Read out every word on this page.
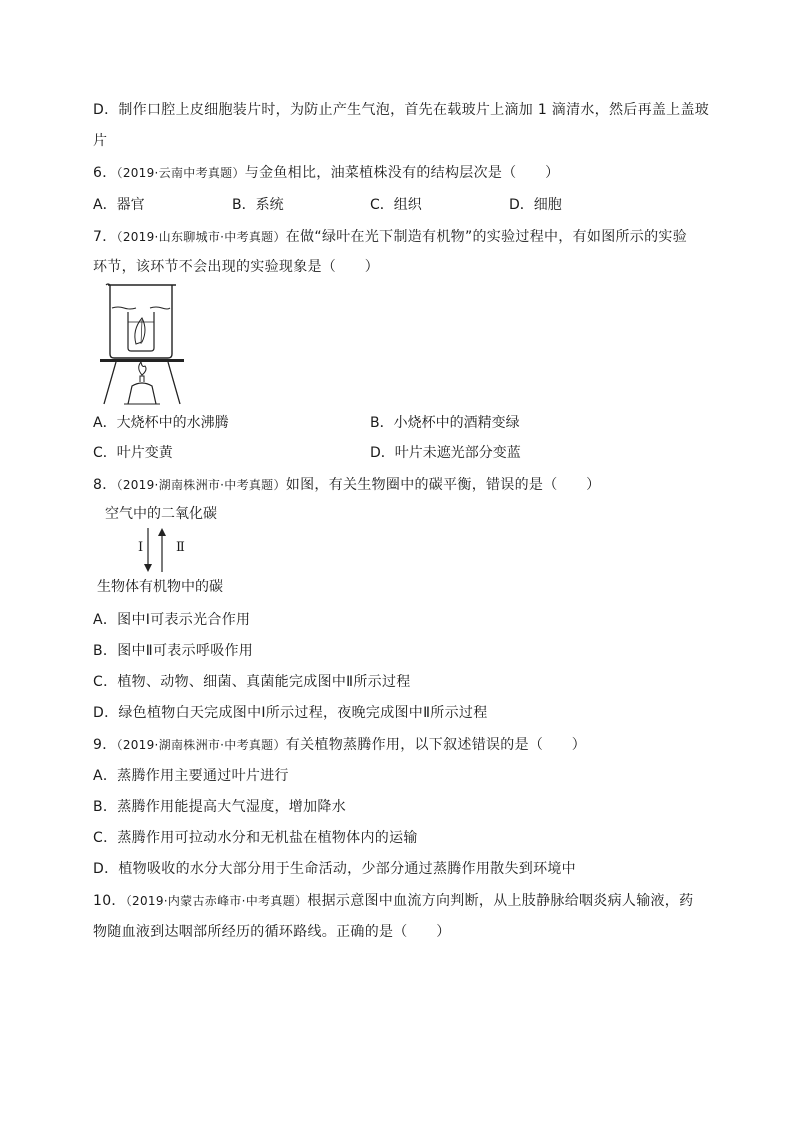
D．制作口腔上皮细胞装片时，为防止产生气泡，首先在载玻片上滴加 1 滴清水，然后再盖上盖玻
片
6．（2019·云南中考真题）与金鱼相比，油菜植株没有的结构层次是（　　）
A．器官	B．系统	C．组织	D．细胞
7．（2019·山东聊城市·中考真题）在做“绿叶在光下制造有机物”的实验过程中，有如图所示的实验
环节，该环节不会出现的实验现象是（　　）
A．大烧杯中的水沸腾	B．小烧杯中的酒精变绿
C．叶片变黄	D．叶片未遮光部分变蓝
8．（2019·湖南株洲市·中考真题）如图，有关生物圈中的碳平衡，错误的是（　　）
空气中的二氧化碳
Ⅰ	Ⅱ
生物体有机物中的碳
A．图中Ⅰ可表示光合作用
B．图中Ⅱ可表示呼吸作用
C．植物、动物、细菌、真菌能完成图中Ⅱ所示过程
D．绿色植物白天完成图中Ⅰ所示过程，夜晚完成图中Ⅱ所示过程
9．（2019·湖南株洲市·中考真题）有关植物蒸腾作用，以下叙述错误的是（　　）
A．蒸腾作用主要通过叶片进行
B．蒸腾作用能提高大气湿度，增加降水
C．蒸腾作用可拉动水分和无机盐在植物体内的运输
D．植物吸收的水分大部分用于生命活动，少部分通过蒸腾作用散失到环境中
10．（2019·内蒙古赤峰市·中考真题）根据示意图中血流方向判断，从上肢静脉给咽炎病人输液，药
物随血液到达咽部所经历的循环路线。正确的是（　　）
